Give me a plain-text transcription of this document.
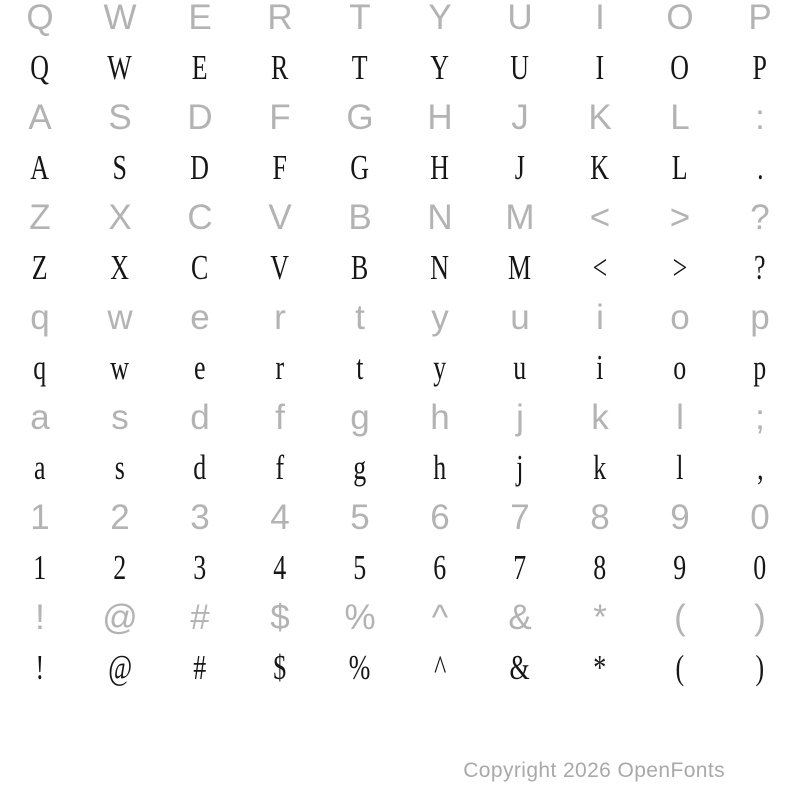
Q	W	E	R	T	Y	U	I	O	P
Q	W	E	R	T	Y	U	I	O	P
A	S	D	F	G	H	J	K	L	:
A	S	D	F	G	H	J	K	L	.
Z	X	C	V	B	N	M	<	>	?
Z	X	C	V	B	N	M	<	>	?
q	w	e	r	t	y	u	i	o	p
q	w	e	r	t	y	u	i	o	p
a	s	d	f	g	h	j	k	l	;
a	s	d	f	g	h	j	k	l	,
1	2	3	4	5	6	7	8	9	0
1	2	3	4	5	6	7	8	9	0
!	@	#	$	%	^	&	*	(	)
!	@	#	$	%	^	&	*	(	)
Copyright 2026 OpenFonts
